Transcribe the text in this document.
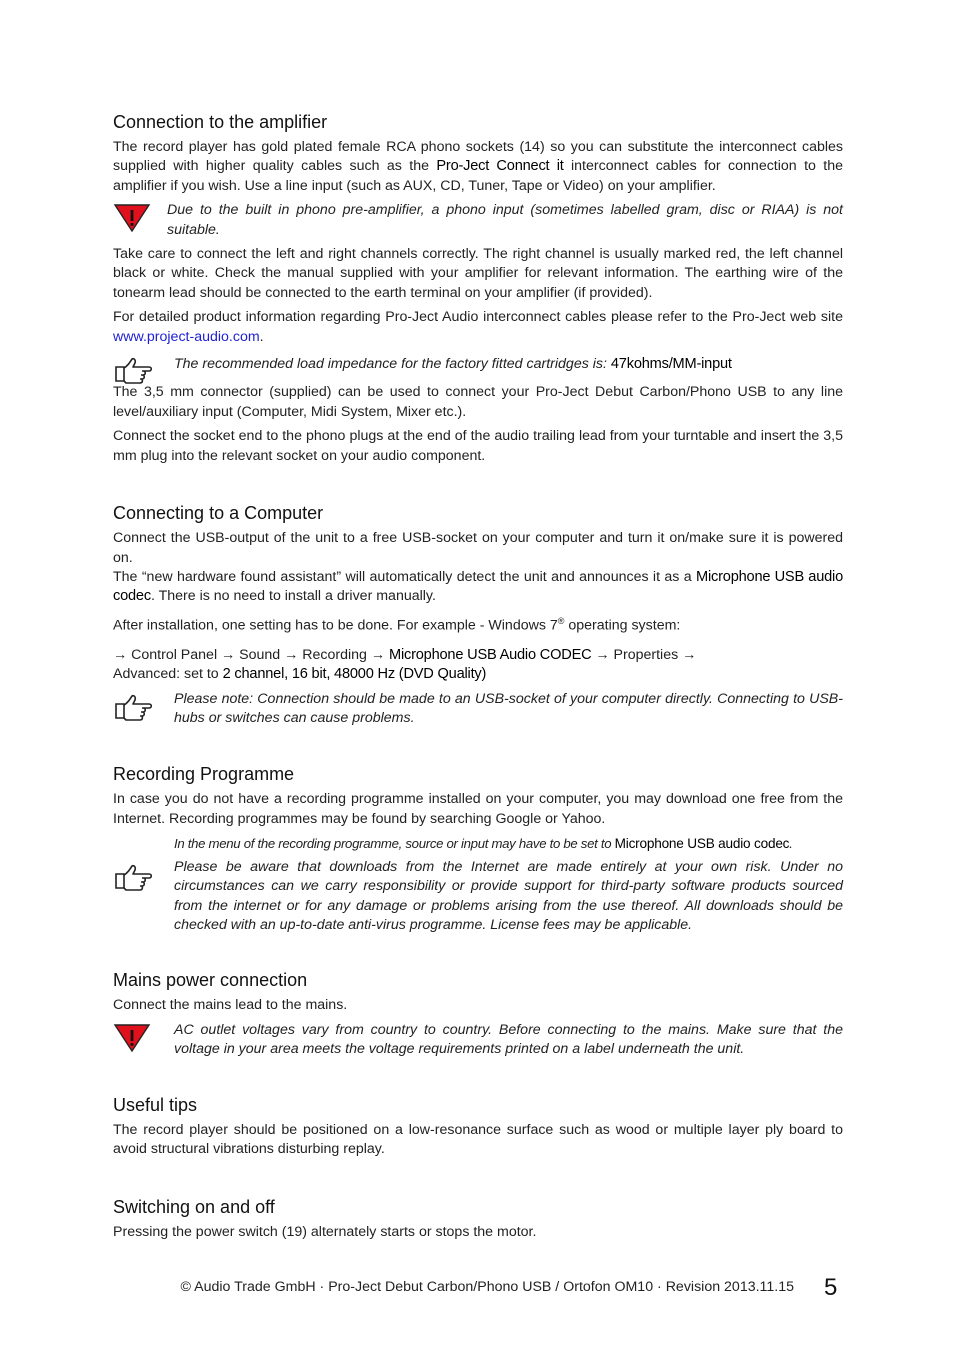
Connection to the amplifier

The record player has gold plated female RCA phono sockets (14) so you can substitute the interconnect cables supplied with higher quality cables such as the Pro-Ject Connect it interconnect cables for connection to the amplifier if you wish. Use a line input (such as AUX, CD, Tuner, Tape or Video) on your amplifier.

Due to the built in phono pre-amplifier, a phono input (sometimes labelled gram, disc or RIAA) is not suitable.

Take care to connect the left and right channels correctly. The right channel is usually marked red, the left channel black or white. Check the manual supplied with your amplifier for relevant information. The earthing wire of the tonearm lead should be connected to the earth terminal on your amplifier (if provided).

For detailed product information regarding Pro-Ject Audio interconnect cables please refer to the Pro-Ject web site www.project-audio.com.

The recommended load impedance for the factory fitted cartridges is: 47kohms/MM-input

The 3,5 mm connector (supplied) can be used to connect your Pro-Ject Debut Carbon/Phono USB to any line level/auxiliary input (Computer, Midi System, Mixer etc.).

Connect the socket end to the phono plugs at the end of the audio trailing lead from your turntable and insert the 3,5 mm plug into the relevant socket on your audio component.

Connecting to a Computer

Connect the USB-output of the unit to a free USB-socket on your computer and turn it on/make sure it is powered on.

The “new hardware found assistant” will automatically detect the unit and announces it as a Microphone USB audio codec. There is no need to install a driver manually.

After installation, one setting has to be done. For example - Windows 7® operating system:

→ Control Panel → Sound → Recording → Microphone USB Audio CODEC → Properties →

Advanced: set to 2 channel, 16 bit, 48000 Hz (DVD Quality)

Please note: Connection should be made to an USB-socket of your computer directly. Connecting to USB-hubs or switches can cause problems.

Recording Programme

In case you do not have a recording programme installed on your computer, you may download one free from the Internet. Recording programmes may be found by searching Google or Yahoo.

In the menu of the recording programme, source or input may have to be set to Microphone USB audio codec.

Please be aware that downloads from the Internet are made entirely at your own risk. Under no circumstances can we carry responsibility or provide support for third-party software products sourced from the internet or for any damage or problems arising from the use thereof. All downloads should be checked with an up-to-date anti-virus programme. License fees may be applicable.

Mains power connection

Connect the mains lead to the mains.

AC outlet voltages vary from country to country. Before connecting to the mains. Make sure that the voltage in your area meets the voltage requirements printed on a label underneath the unit.

Useful tips

The record player should be positioned on a low-resonance surface such as wood or multiple layer ply board to avoid structural vibrations disturbing replay.

Switching on and off

Pressing the power switch (19) alternately starts or stops the motor.

© Audio Trade GmbH · Pro-Ject Debut Carbon/Phono USB / Ortofon OM10 · Revision 2013.11.15 5
